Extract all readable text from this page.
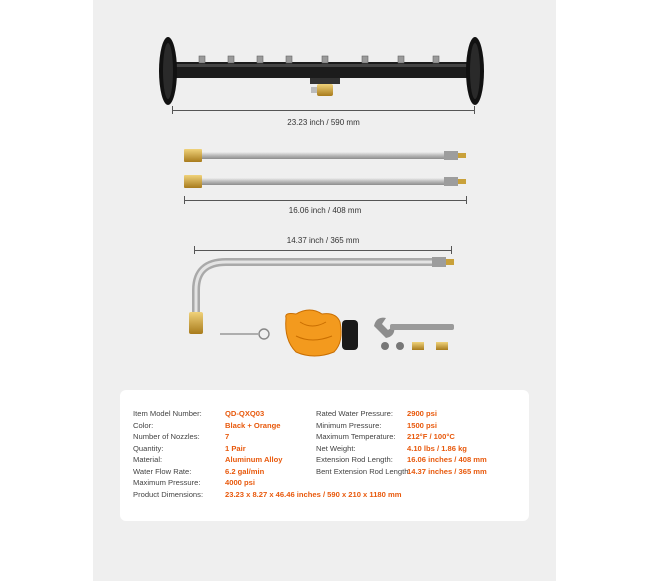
23.23 inch / 590 mm
16.06 inch / 408 mm
14.37 inch / 365 mm
Item Model Number:	QD-QXQ03
Color:	Black + Orange
Number of Nozzles:	7
Quantity:	1 Pair
Material:	Aluminum Alloy
Water Flow Rate:	6.2 gal/min
Maximum Pressure:	4000 psi
Product Dimensions:	23.23 x 8.27 x 46.46 inches / 590 x 210 x 1180 mm
Rated Water Pressure:	2900 psi
Minimum Pressure:	1500 psi
Maximum Temperature:	212°F / 100°C
Net Weight:	4.10 lbs / 1.86 kg
Extension Rod Length:	16.06 inches / 408 mm
Bent Extension Rod Length:
14.37 inches / 365 mm
